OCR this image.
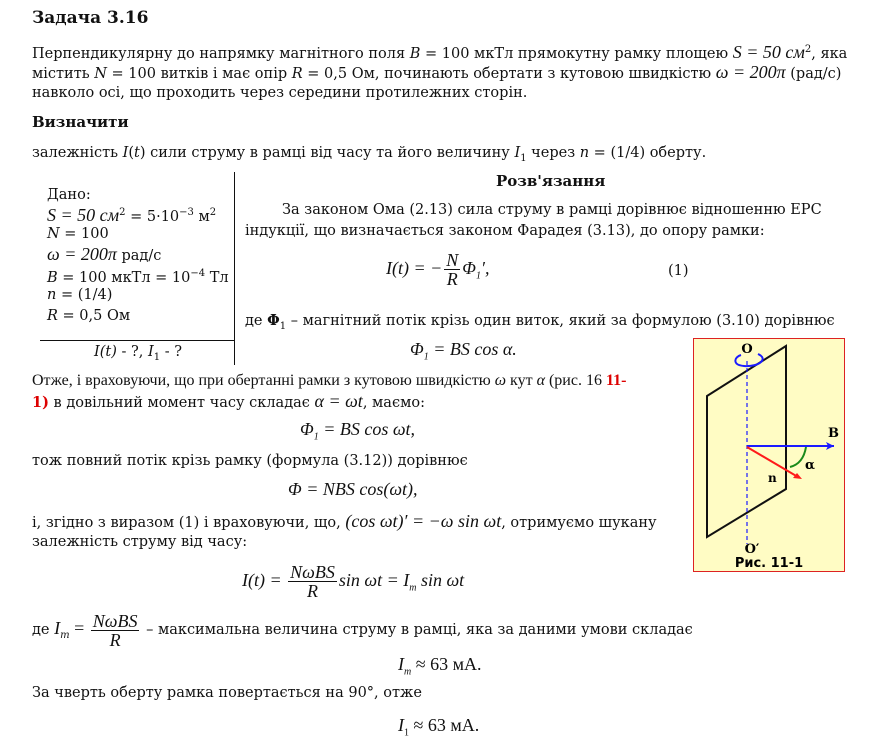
Задача 3.16
Перпендикулярну до напрямку магнітного поля B = 100 мкТл прямокутну рамку площею S = 50 $см^2$, яка
містить N = 100 витків і має опір R = 0,5 Ом, починають обертати з кутовою швидкістю ω = 200π (рад/с)
навколо осі, що проходить через середини протилежних сторін.
Визначити
залежність I(t) сили струму в рамці від часу та його величину $I_1$ через n = (1/4) оберту.
Дано:
S = 50 $см^2 = 5\cdot 10^{-3}$ $м^2$
N = 100
ω = 200π рад/с
B = 100 мкТл = $10^{-4}$ Тл
n = (1/4)
R = 0,5 Ом
I(t) - ?, $I_1$ - ?
Розв'язання
За законом Ома (2.13) сила струму в рамці дорівнює відношенню ЕРС
індукції, що визначається законом Фарадея (3.13), до опору рамки:
I(t) = − $\frac{N}{R} \Phi_1'$,	(1)
де $\Phi_1$ – магнітний потік крізь один виток, який за формулою (3.10) дорівнює
$\Phi_1$ = BS cos α.
Отже, і враховуючи, що при обертанні рамки з кутовою швидкістю ω кут α (рис. 16 11-
1) в довільний момент часу складає α = ωt, маємо:
$\Phi_1$ = BS cos ωt,
тож повний потік крізь рамку (формула (3.12)) дорівнює
Φ = NBS cos(ωt),
і, згідно з виразом (1) і враховуючи, що, (cos ωt)′ = −ω sin ωt, отримуємо шукану
залежність струму від часу:
$I(t) = \frac{\text{NωBS}}{R}$ $\sin \omega t = I_m$ sin ωt
де $I_m = \frac{\text{NωBS}}{R}$ – максимальна величина струму в рамці, яка за даними умови складає
$I_m \approx 63$ мА.
За чверть оберту рамка повертається на 90°, отже
$I_1 \approx 63$ мА.
O
O′
B
n
α
Рис. 11-1
